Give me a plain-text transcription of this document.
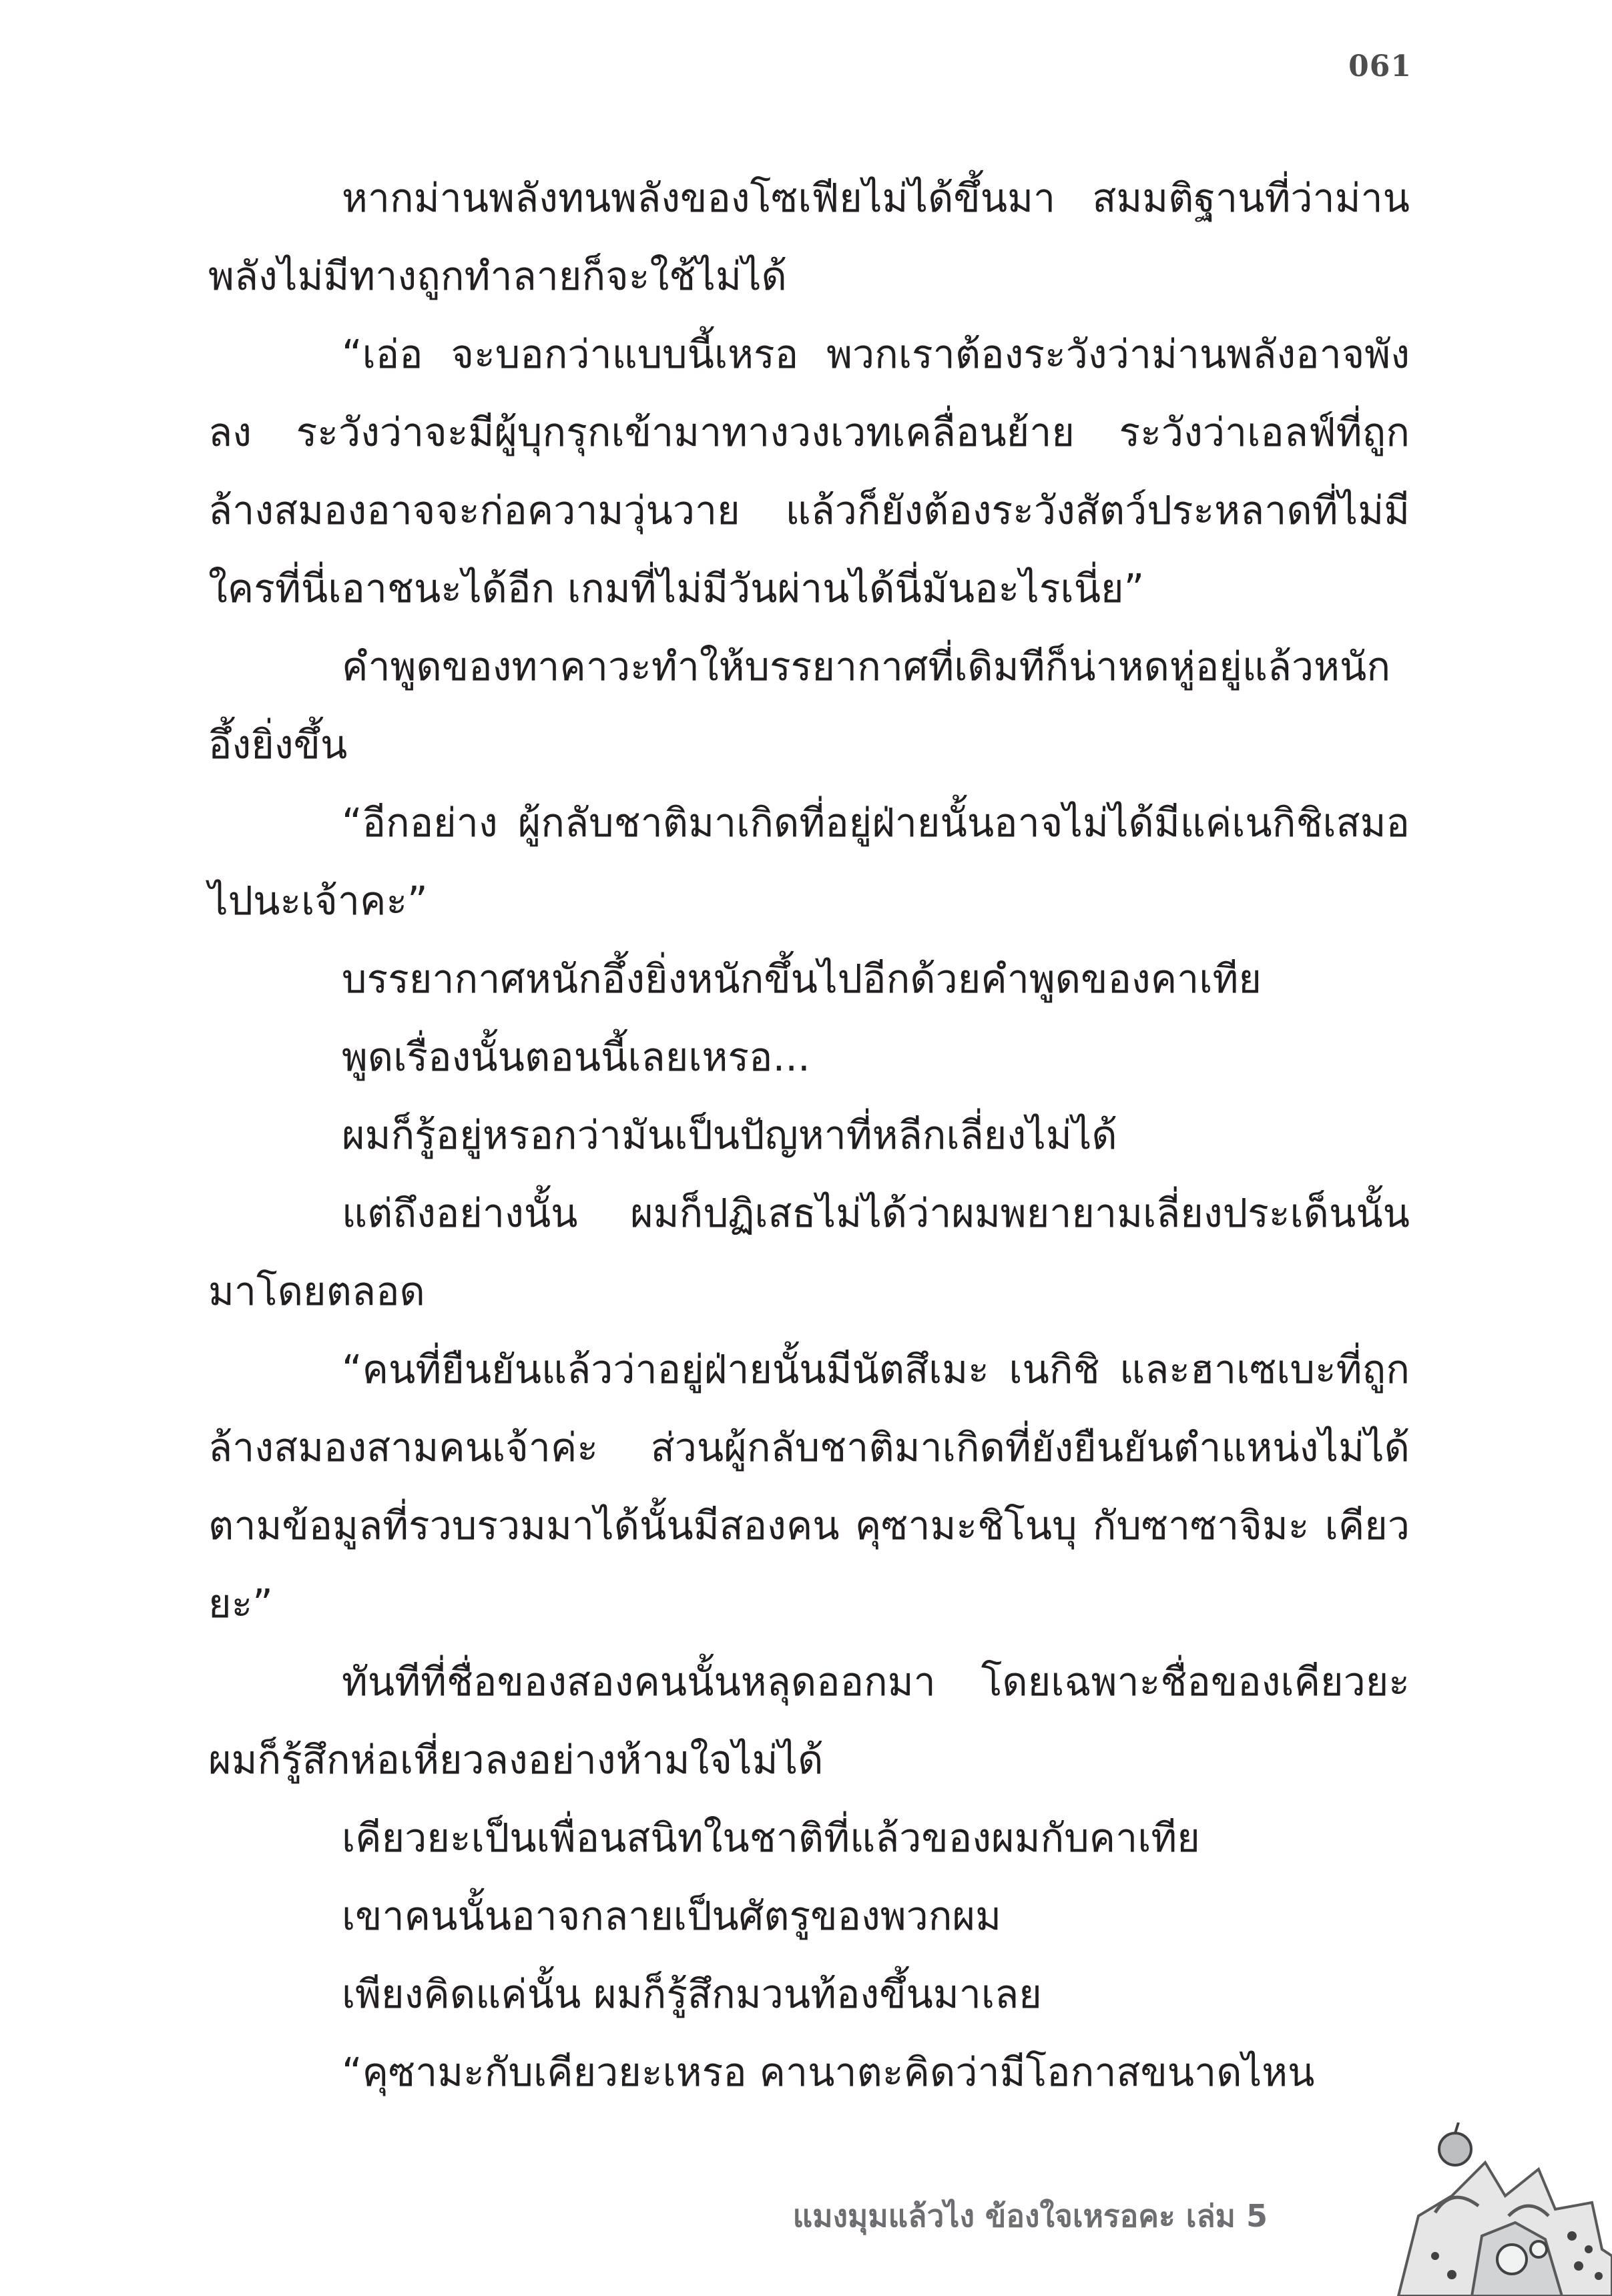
061

หากม่านพลังทนพลังของโซเฟียไม่ได้ขึ้นมา สมมติฐานที่ว่าม่านพลังไม่มีทางถูกทำลายก็จะใช้ไม่ได้

“เอ่อ จะบอกว่าแบบนี้เหรอ พวกเราต้องระวังว่าม่านพลังอาจพังลง ระวังว่าจะมีผู้บุกรุกเข้ามาทางวงเวทเคลื่อนย้าย ระวังว่าเอลฟ์ที่ถูกล้างสมองอาจจะก่อความวุ่นวาย แล้วก็ยังต้องระวังสัตว์ประหลาดที่ไม่มีใครที่นี่เอาชนะได้อีก เกมที่ไม่มีวันผ่านได้นี่มันอะไรเนี่ย”

คำพูดของทาคาวะทำให้บรรยากาศที่เดิมทีก็น่าหดหู่อยู่แล้วหนักอึ้งยิ่งขึ้น

“อีกอย่าง ผู้กลับชาติมาเกิดที่อยู่ฝ่ายนั้นอาจไม่ได้มีแค่เนกิชิเสมอไปนะเจ้าคะ”

บรรยากาศหนักอึ้งยิ่งหนักขึ้นไปอีกด้วยคำพูดของคาเทีย

พูดเรื่องนั้นตอนนี้เลยเหรอ...

ผมก็รู้อยู่หรอกว่ามันเป็นปัญหาที่หลีกเลี่ยงไม่ได้

แต่ถึงอย่างนั้น ผมก็ปฏิเสธไม่ได้ว่าผมพยายามเลี่ยงประเด็นนั้นมาโดยตลอด

“คนที่ยืนยันแล้วว่าอยู่ฝ่ายนั้นมีนัตสึเมะ เนกิชิ และฮาเซเบะที่ถูกล้างสมองสามคนเจ้าค่ะ ส่วนผู้กลับชาติมาเกิดที่ยังยืนยันตำแหน่งไม่ได้ตามข้อมูลที่รวบรวมมาได้นั้นมีสองคน คุซามะชิโนบุ กับซาซาจิมะ เคียวยะ”

ทันทีที่ชื่อของสองคนนั้นหลุดออกมา โดยเฉพาะชื่อของเคียวยะ ผมก็รู้สึกห่อเหี่ยวลงอย่างห้ามใจไม่ได้

เคียวยะเป็นเพื่อนสนิทในชาติที่แล้วของผมกับคาเทีย

เขาคนนั้นอาจกลายเป็นศัตรูของพวกผม

เพียงคิดแค่นั้น ผมก็รู้สึกมวนท้องขึ้นมาเลย

“คุซามะกับเคียวยะเหรอ คานาตะคิดว่ามีโอกาสขนาดไหน

แมงมุมแล้วไง ข้องใจเหรอคะ เล่ม 5
